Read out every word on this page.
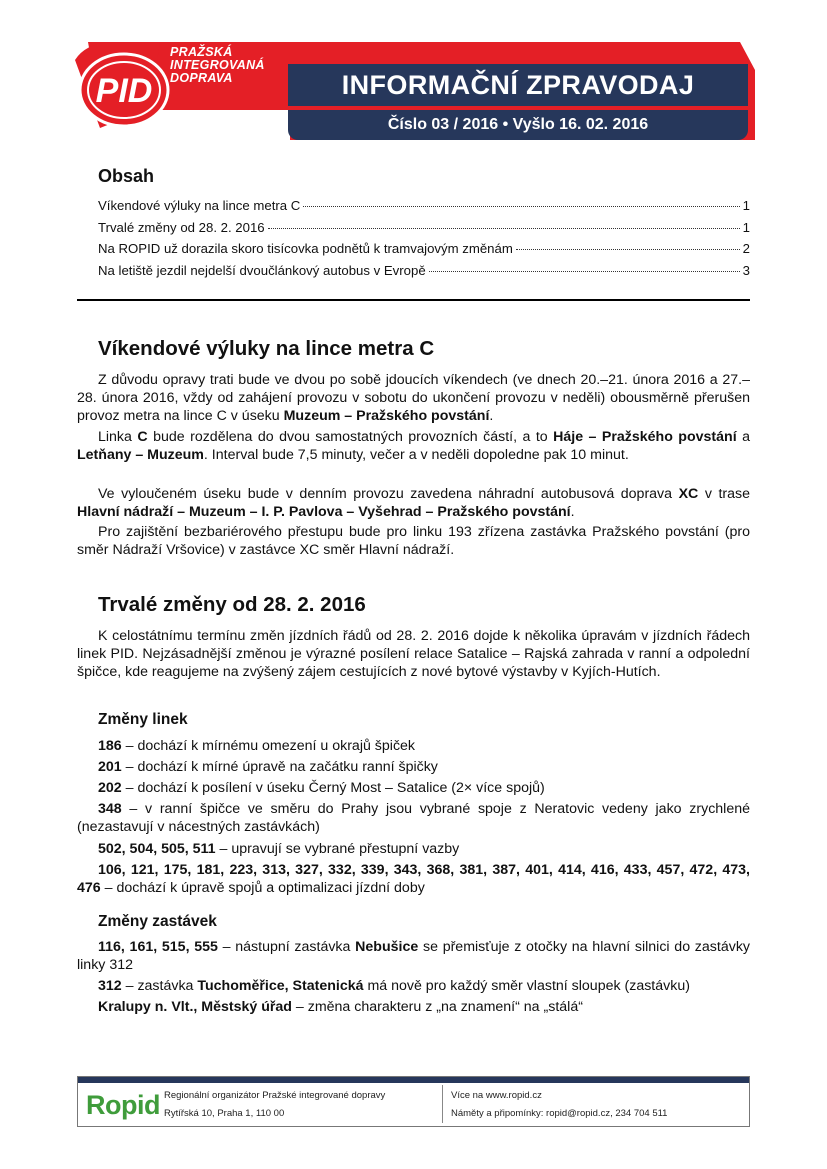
PID
PRAŽSKÁ
INTEGROVANÁ
DOPRAVA	INFORMAČNÍ ZPRAVODAJ
Číslo 03 / 2016 • Vyšlo 16. 02. 2016
Obsah
Víkendové výluky na lince metra C	1
Trvalé změny od 28. 2. 2016	1
Na ROPID už dorazila skoro tisícovka podnětů k tramvajovým změnám	2
Na letiště jezdil nejdelší dvoučlánkový autobus v Evropě	3
Víkendové výluky na lince metra C

Z důvodu opravy trati bude ve dvou po sobě jdoucích víkendech (ve dnech 20.–21. února 2016 a 27.–28. února 2016, vždy od zahájení provozu v sobotu do ukončení provozu v neděli) obousměrně přerušen provoz metra na lince C v úseku Muzeum – Pražského povstání.

Linka C bude rozdělena do dvou samostatných provozních částí, a to Háje – Pražského povstání a Letňany – Muzeum. Interval bude 7,5 minuty, večer a v neděli dopoledne pak 10 minut.

Ve vyloučeném úseku bude v denním provozu zavedena náhradní autobusová doprava XC v trase Hlavní nádraží – Muzeum – I. P. Pavlova – Vyšehrad – Pražského povstání.

Pro zajištění bezbariérového přestupu bude pro linku 193 zřízena zastávka Pražského povstání (pro směr Nádraží Vršovice) v zastávce XC směr Hlavní nádraží.

Trvalé změny od 28. 2. 2016

K celostátnímu termínu změn jízdních řádů od 28. 2. 2016 dojde k několika úpravám v jízdních řádech linek PID. Nejzásadnější změnou je výrazné posílení relace Satalice – Rajská zahrada v ranní a odpolední špičce, kde reagujeme na zvýšený zájem cestujících z nové bytové výstavby v Kyjích-Hutích.

Změny linek

186 – dochází k mírnému omezení u okrajů špiček

201 – dochází k mírné úpravě na začátku ranní špičky

202 – dochází k posílení v úseku Černý Most – Satalice (2× více spojů)

348 – v ranní špičce ve směru do Prahy jsou vybrané spoje z Neratovic vedeny jako zrychlené (nezastavují v nácestných zastávkách)

502, 504, 505, 511 – upravují se vybrané přestupní vazby

106, 121, 175, 181, 223, 313, 327, 332, 339, 343, 368, 381, 387, 401, 414, 416, 433, 457, 472, 473, 476 – dochází k úpravě spojů a optimalizaci jízdní doby

Změny zastávek

116, 161, 515, 555 – nástupní zastávka Nebušice se přemisťuje z otočky na hlavní silnici do zastávky linky 312

312 – zastávka Tuchoměřice, Statenická má nově pro každý směr vlastní sloupek (zastávku)

Kralupy n. Vlt., Městský úřad – změna charakteru z „na znamení“ na „stálá“

Ropid Regionální organizátor Pražské integrované dopravy
Rytířská 10, Praha 1, 110 00
Více na www.ropid.cz
Náměty a připomínky: ropid@ropid.cz, 234 704 511
